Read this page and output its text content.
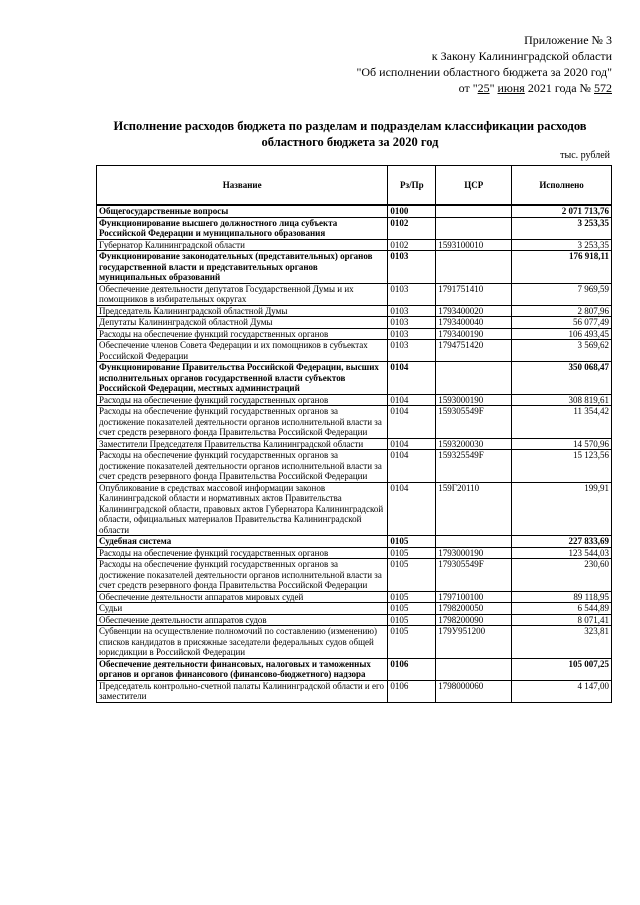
Приложение № 3
к Закону Калининградской области
"Об исполнении областного бюджета за 2020 год"
от "25" июня 2021 года № 572
Исполнение расходов бюджета по разделам и подразделам классификации расходов
областного бюджета за 2020 год
тыс. рублей
Название	Рз/Пр	ЦСР	Исполнено
Общегосударственные вопросы	0100		2 071 713,76
Функционирование высшего должностного лица субъекта Российской Федерации и муниципального образования	0102		3 253,35
Губернатор Калининградской области	0102	1593100010	3 253,35
Функционирование законодательных (представительных) органов государственной власти и представительных органов муниципальных образований	0103		176 918,11
Обеспечение деятельности депутатов Государственной Думы и их помощников в избирательных округах	0103	1791751410	7 969,59
Председатель Калининградской областной Думы	0103	1793400020	2 807,96
Депутаты Калининградской областной Думы	0103	1793400040	56 077,49
Расходы на обеспечение функций государственных органов	0103	1793400190	106 493,45
Обеспечение членов Совета Федерации и их помощников в субъектах Российской Федерации	0103	1794751420	3 569,62
Функционирование Правительства Российской Федерации, высших исполнительных органов государственной власти субъектов Российской Федерации, местных администраций	0104		350 068,47
Расходы на обеспечение функций государственных органов	0104	1593000190	308 819,61
Расходы на обеспечение функций государственных органов за достижение показателей деятельности органов исполнительной власти за счет средств резервного фонда Правительства Российской Федерации	0104	159305549F	11 354,42
Заместители Председателя Правительства Калининградской области	0104	1593200030	14 570,96
Расходы на обеспечение функций государственных органов за достижение показателей деятельности органов исполнительной власти за счет средств резервного фонда Правительства Российской Федерации	0104	159325549F	15 123,56
Опубликование в средствах массовой информации законов Калининградской области и нормативных актов Правительства Калининградской области, правовых актов Губернатора Калининградской области, официальных материалов Правительства Калининградской области	0104	159Г20110	199,91
Судебная система	0105		227 833,69
Расходы на обеспечение функций государственных органов	0105	1793000190	123 544,03
Расходы на обеспечение функций государственных органов за достижение показателей деятельности органов исполнительной власти за счет средств резервного фонда Правительства Российской Федерации	0105	179305549F	230,60
Обеспечение деятельности аппаратов мировых судей	0105	1797100100	89 118,95
Судьи	0105	1798200050	6 544,89
Обеспечение деятельности аппаратов судов	0105	1798200090	8 071,41
Субвенции на осуществление полномочий по составлению (изменению) списков кандидатов в присяжные заседатели федеральных судов общей юрисдикции в Российской Федерации	0105	179У951200	323,81
Обеспечение деятельности финансовых, налоговых и таможенных органов и органов финансового (финансово-бюджетного) надзора	0106		105 007,25
Председатель контрольно-счетной палаты Калининградской области и его заместители	0106	1798000060	4 147,00
